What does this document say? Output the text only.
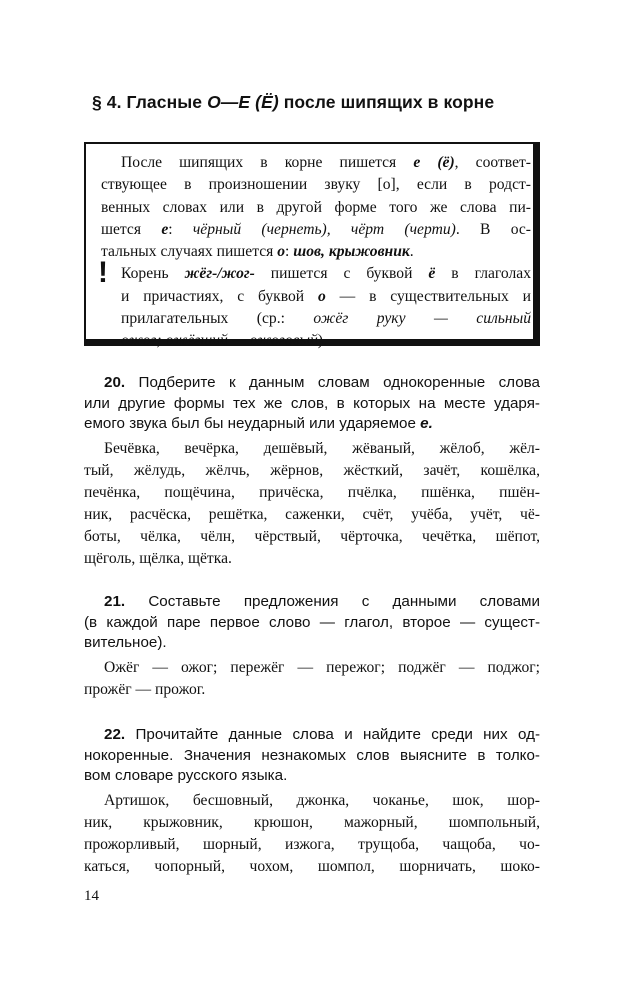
§ 4. Гласные О—Е (Ё) после шипящих в корне
После шипящих в корне пишется е (ё), соответ-
ствующее в произношении звуку [о], если в родст-
венных словах или в другой форме того же слова пи-
шется е: чёрный (чернеть), чёрт (черти). В ос-
тальных случаях пишется о: шов, крыжовник.
Корень жёг-/жог- пишется с буквой ё в глаголах
и причастиях, с буквой о — в существительных и
прилагательных (ср.: ожёг руку — сильный
ожог; ожёгший — ожоговый).
!
20. Подберите к данным словам однокоренные слова
или другие формы тех же слов, в которых на месте ударя-
емого звука был бы неударный или ударяемое е.
Бечёвка, вечёрка, дешёвый, жёваный, жёлоб, жёл-
тый, жёлудь, жёлчь, жёрнов, жёсткий, зачёт, кошёлка,
печёнка, пощёчина, причёска, пчёлка, пшёнка, пшён-
ник, расчёска, решётка, саженки, счёт, учёба, учёт, чё-
боты, чёлка, чёлн, чёрствый, чёрточка, чечётка, шёпот,
щёголь, щёлка, щётка.
21. Составьте предложения с данными словами
(в каждой паре первое слово — глагол, второе — сущест-
вительное).
Ожёг — ожог; пережёг — пережог; поджёг — поджог;
прожёг — прожог.
22. Прочитайте данные слова и найдите среди них од-
нокоренные. Значения незнакомых слов выясните в толко-
вом словаре русского языка.
Артишок, бесшовный, джонка, чоканье, шок, шор-
ник, крыжовник, крюшон, мажорный, шомпольный,
прожорливый, шорный, изжога, трущоба, чащоба, чо-
каться, чопорный, чохом, шомпол, шорничать, шоко-
14
